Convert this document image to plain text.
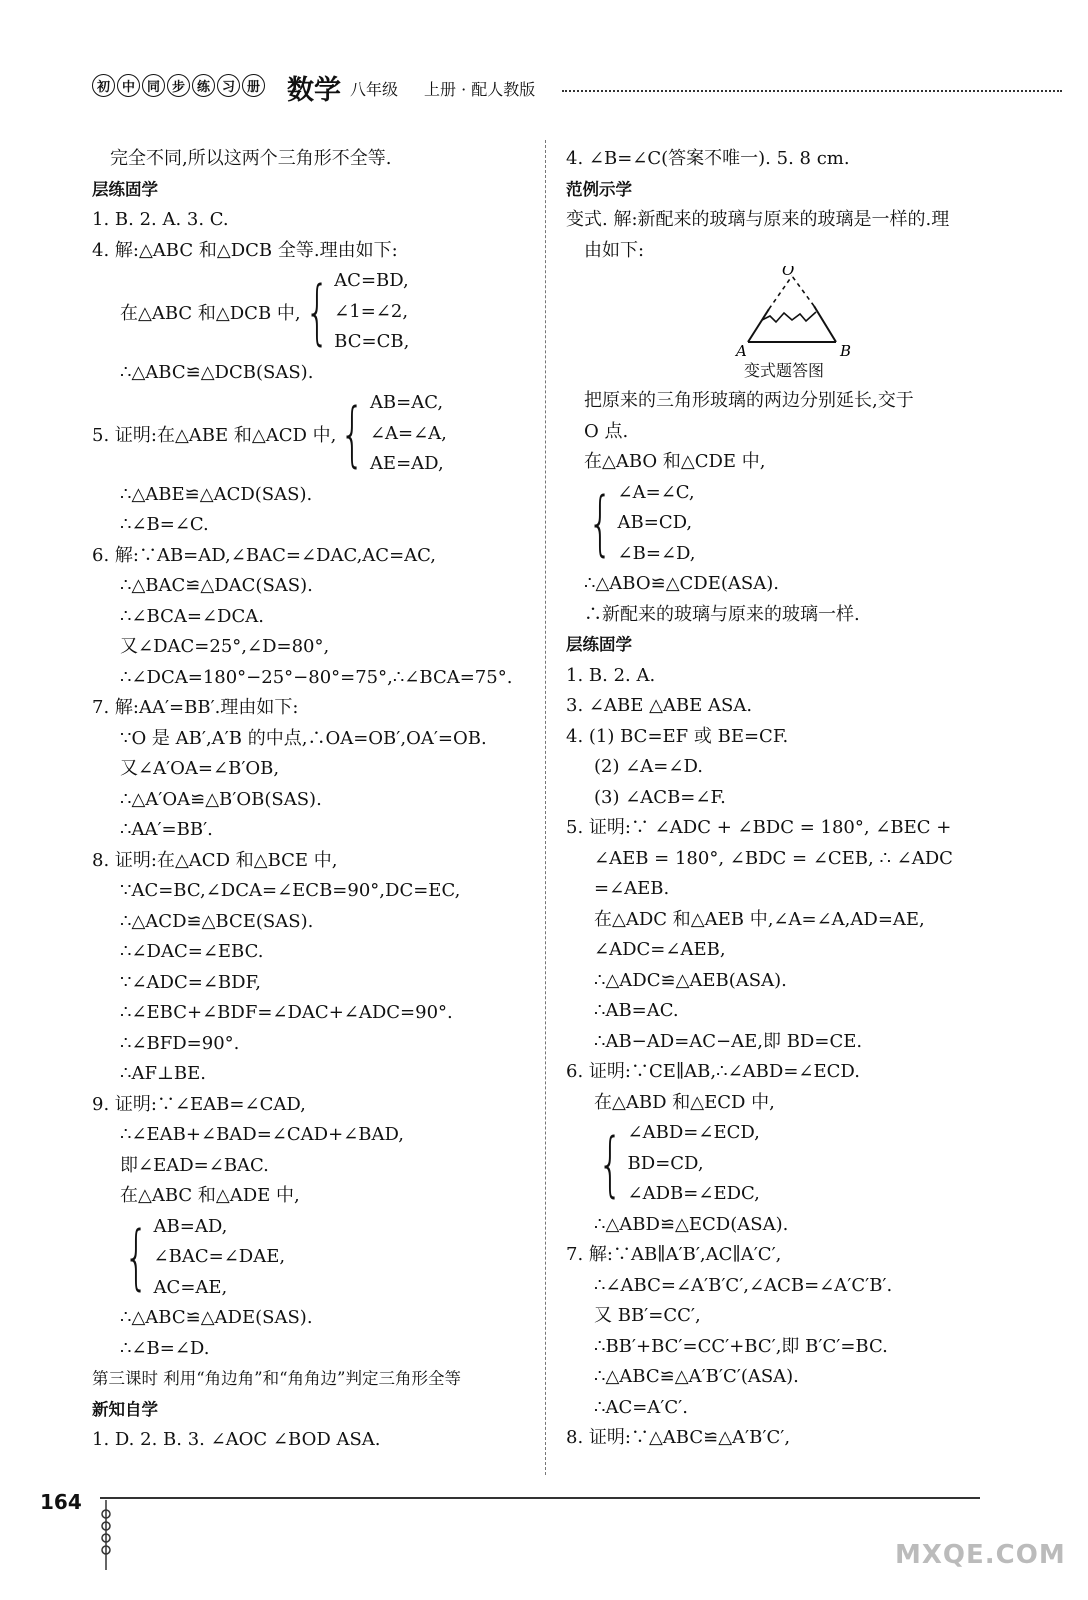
初 中 同 步 练 习 册 数学 八年级 上册 · 配人教版
完全不同,所以这两个三角形不全等.
层练固学
1. B. 2. A. 3. C.
4. 解:△ABC 和△DCB 全等.理由如下:
在△ABC 和△DCB 中, { AC=BD,
∠1=∠2,
BC=CB,
∴△ABC≌△DCB(SAS).
5. 证明:在△ABE 和△ACD 中, { AB=AC,
∠A=∠A,
AE=AD,
∴△ABE≌△ACD(SAS).
∴∠B=∠C.
6. 解:∵AB=AD,∠BAC=∠DAC,AC=AC,
∴△BAC≌△DAC(SAS).
∴∠BCA=∠DCA.
又∠DAC=25°,∠D=80°,
∴∠DCA=180°−25°−80°=75°,∴∠BCA=75°.
7. 解:AA′=BB′.理由如下:
∵O 是 AB′,A′B 的中点,∴OA=OB′,OA′=OB.
又∠A′OA=∠B′OB,
∴△A′OA≌△B′OB(SAS).
∴AA′=BB′.
8. 证明:在△ACD 和△BCE 中,
∵AC=BC,∠DCA=∠ECB=90°,DC=EC,
∴△ACD≌△BCE(SAS).
∴∠DAC=∠EBC.
∵∠ADC=∠BDF,
∴∠EBC+∠BDF=∠DAC+∠ADC=90°.
∴∠BFD=90°.
∴AF⊥BE.
9. 证明:∵∠EAB=∠CAD,
∴∠EAB+∠BAD=∠CAD+∠BAD,
即∠EAD=∠BAC.
在△ABC 和△ADE 中,
{ AB=AD,
∠BAC=∠DAE,
AC=AE,
∴△ABC≌△ADE(SAS).
∴∠B=∠D.
第三课时 利用“角边角”和“角角边”判定三角形全等
新知自学
1. D. 2. B. 3. ∠AOC ∠BOD ASA.
4. ∠B=∠C(答案不唯一). 5. 8 cm.
范例示学
变式. 解:新配来的玻璃与原来的玻璃是一样的.理
由如下:
O
A	B
变式题答图
把原来的三角形玻璃的两边分别延长,交于
O 点.
在△ABO 和△CDE 中,
{ ∠A=∠C,
AB=CD,
∠B=∠D,
∴△ABO≌△CDE(ASA).
∴新配来的玻璃与原来的玻璃一样.
层练固学
1. B. 2. A.
3. ∠ABE △ABE ASA.
4. (1) BC=EF 或 BE=CF.
(2) ∠A=∠D.
(3) ∠ACB=∠F.
5. 证明:∵ ∠ADC + ∠BDC = 180°, ∠BEC +
∠AEB = 180°, ∠BDC = ∠CEB, ∴ ∠ADC
=∠AEB.
在△ADC 和△AEB 中,∠A=∠A,AD=AE,
∠ADC=∠AEB,
∴△ADC≌△AEB(ASA).
∴AB=AC.
∴AB−AD=AC−AE,即 BD=CE.
6. 证明:∵CE∥AB,∴∠ABD=∠ECD.
在△ABD 和△ECD 中,
{ ∠ABD=∠ECD,
BD=CD,
∠ADB=∠EDC,
∴△ABD≌△ECD(ASA).
7. 解:∵AB∥A′B′,AC∥A′C′,
∴∠ABC=∠A′B′C′,∠ACB=∠A′C′B′.
又 BB′=CC′,
∴BB′+BC′=CC′+BC′,即 B′C′=BC.
∴△ABC≌△A′B′C′(ASA).
∴AC=A′C′.
8. 证明:∵△ABC≌△A′B′C′,
164
MXQE.COM
